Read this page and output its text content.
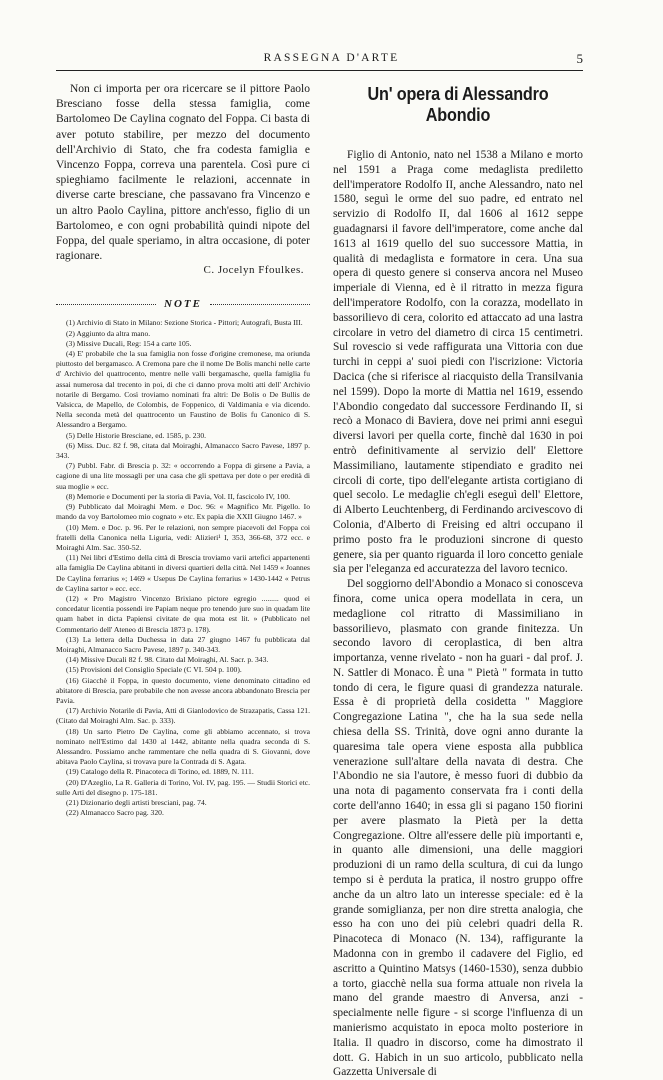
RASSEGNA D'ARTE	5

Non ci importa per ora ricercare se il pittore Paolo Bresciano fosse della stessa famiglia, come Bartolomeo De Caylina cognato del Foppa. Ci basta di aver potuto stabilire, per mezzo del documento dell'Archivio di Stato, che fra codesta famiglia e Vincenzo Foppa, correva una parentela. Così pure ci spieghiamo facilmente le relazioni, accennate in diverse carte bresciane, che passavano fra Vincenzo e un altro Paolo Caylina, pittore anch'esso, figlio di un Bartolomeo, e con ogni probabilità quindi nipote del Foppa, del quale speriamo, in altra occasione, di poter ragionare.

C. Jocelyn Ffoulkes.

NOTE

(1) Archivio di Stato in Milano: Sezione Storica - Pittori; Autografi, Busta III.

(2) Aggiunto da altra mano.

(3) Missive Ducali, Reg: 154 a carte 105.

(4) E' probabile che la sua famiglia non fosse d'origine cremonese, ma oriunda piuttosto del bergamasco. A Cremona pare che il nome De Bolis manchi nelle carte d' Archivio del quattrocento, mentre nelle valli bergamasche, quella famiglia fu assai numerosa dal trecento in poi, di che ci danno prova molti atti dell' Archivio notarile di Bergamo. Così troviamo nominati fra altri: De Bolis o De Bullis de Valsicca, de Mapello, de Colombis, de Foppenico, di Valdimania e via dicendo. Nella seconda metà del quattrocento un Faustino de Bolis fu Canonico di S. Alessandro a Bergamo.

(5) Delle Historie Bresciane, ed. 1585, p. 230.

(6) Miss. Duc. 82 f. 98, citata dal Moiraghi, Almanacco Sacro Pavese, 1897 p. 343.

(7) Pubbl. Fabr. di Brescia p. 32: « occorrendo a Foppa di girsene a Pavia, a cagione di una lite mossagli per una casa che gli spettava per dote o per eredità di sua moglie » ecc.

(8) Memorie e Documenti per la storia di Pavia, Vol. II, fascicolo IV, 100.

(9) Pubblicato dal Moiraghi Mem. e Doc. 96: « Magnifico Mr. Pigello. Io mando da voy Bartolomeo mio cognato » etc. Ex papia die XXII Giugno 1467. »

(10) Mem. e Doc. p. 96. Per le relazioni, non sempre piacevoli del Foppa coi fratelli della Canonica nella Liguria, vedi: Alizieri¹ I, 353, 366-68, 372 ecc. e Moiraghi Alm. Sac. 350-52.

(11) Nei libri d'Estimo della città di Brescia troviamo varii artefici appartenenti alla famiglia De Caylina abitanti in diversi quartieri della città. Nel 1459 « Joannes De Caylina ferrarius »; 1469 « Usepus De Caylina ferrarius » 1430-1442 « Petrus de Caylina sartor » ecc. ecc.

(12) « Pro Magistro Vincenzo Brixiano pictore egregio ......... quod ei concedatur licentia possendi ire Papiam neque pro tenendo jure suo in quadam lite quam habet in dicta Papiensi civitate de qua mota est lit. » (Pubblicato nel Commentario dell' Ateneo di Brescia 1873 p. 178).

(13) La lettera della Duchessa in data 27 giugno 1467 fu pubblicata dal Moiraghi, Almanacco Sacro Pavese, 1897 p. 340-343.

(14) Missive Ducali 82 f. 98. Citato dal Moiraghi, Al. Sacr. p. 343.

(15) Provisioni del Consiglio Speciale (C VI. 504 p. 100).

(16) Giacchè il Foppa, in questo documento, viene denominato cittadino ed abitatore di Brescia, pare probabile che non avesse ancora abbandonato Brescia per Pavia.

(17) Archivio Notarile di Pavia, Atti di Gianlodovico de Strazapatis, Cassa 121. (Citato dal Moiraghi Alm. Sac. p. 333).

(18) Un sarto Pietro De Caylina, come gli abbiamo accennato, si trova nominato nell'Estimo dal 1430 al 1442, abitante nella quadra seconda di S. Alessandro. Possiamo anche rammentare che nella quadra di S. Giovanni, dove abitava Paolo Caylina, si trovava pure la Contrada di S. Agata.

(19) Catalogo della R. Pinacoteca di Torino, ed. 1889, N. 111.

(20) D'Azeglio, La R. Galleria di Torino, Vol. IV, pag. 195. — Studii Storici etc. sulle Arti del disegno p. 175-181.

(21) Dizionario degli artisti bresciani, pag. 74.

(22) Almanacco Sacro pag. 320.

Un' opera di Alessandro Abondio

Figlio di Antonio, nato nel 1538 a Milano e morto nel 1591 a Praga come medaglista prediletto dell'imperatore Rodolfo II, anche Alessandro, nato nel 1580, seguì le orme del suo padre, ed entrato nel servizio di Rodolfo II, dal 1606 al 1612 seppe guadagnarsi il favore dell'imperatore, come anche dal 1613 al 1619 quello del suo successore Mattia, in qualità di medaglista e formatore in cera. Una sua opera di questo genere si conserva ancora nel Museo imperiale di Vienna, ed è il ritratto in mezza figura dell'imperatore Rodolfo, con la corazza, modellato in bassorilievo di cera, colorito ed attaccato ad una lastra circolare in vetro del diametro di circa 15 centimetri. Sul rovescio si vede raffigurata una Vittoria con due turchi in ceppi a' suoi piedi con l'iscrizione: Victoria Dacica (che si riferisce al riacquisto della Transilvania nel 1599). Dopo la morte di Mattia nel 1619, essendo l'Abondio congedato dal successore Ferdinando II, si recò a Monaco di Baviera, dove nei primi anni eseguì diversi lavori per quella corte, finchè dal 1630 in poi entrò definitivamente al servizio dell' Elettore Massimiliano, lautamente stipendiato e gradito nei circoli di corte, tipo dell'elegante artista cortigiano di quel secolo. Le medaglie ch'egli eseguì dell' Elettore, di Alberto Leuchtenberg, di Ferdinando arcivescovo di Colonia, d'Alberto di Freising ed altri occupano il primo posto fra le produzioni sincrone di questo genere, sia per quanto riguarda il loro concetto geniale sia per l'eleganza ed accuratezza del lavoro tecnico.

Del soggiorno dell'Abondio a Monaco si conosceva finora, come unica opera modellata in cera, un medaglione col ritratto di Massimiliano in bassorilievo, plasmato con grande finitezza. Un secondo lavoro di ceroplastica, di ben altra importanza, venne rivelato - non ha guari - dal prof. J. N. Sattler di Monaco. È una " Pietà " formata in tutto tondo di cera, le figure quasi di grandezza naturale. Essa è di proprietà della cosidetta " Maggiore Congregazione Latina ", che ha la sua sede nella chiesa della SS. Trinità, dove ogni anno durante la quaresima tale opera viene esposta alla pubblica venerazione sull'altare della navata di destra. Che l'Abondio ne sia l'autore, è messo fuori di dubbio da una nota di pagamento conservata fra i conti della corte dell'anno 1640; in essa gli si pagano 150 fiorini per avere plasmato la Pietà per la detta Congregazione. Oltre all'essere delle più importanti e, in quanto alle dimensioni, una delle maggiori produzioni di un ramo della scultura, di cui da lungo tempo si è perduta la pratica, il nostro gruppo offre anche da un altro lato un interesse speciale: ed è la grande somiglianza, per non dire stretta analogia, che esso ha con uno dei più celebri quadri della R. Pinacoteca di Monaco (N. 134), raffigurante la Madonna con in grembo il cadavere del Figlio, ed ascritto a Quintino Matsys (1460-1530), senza dubbio a torto, giacchè nella sua forma attuale non rivela la mano del grande maestro di Anversa, anzi - specialmente nelle figure - si scorge l'influenza di un manierismo acquistato in epoca molto posteriore in Italia. Il quadro in discorso, come ha dimostrato il dott. G. Habich in un suo articolo, pubblicato nella Gazzetta Universale di
